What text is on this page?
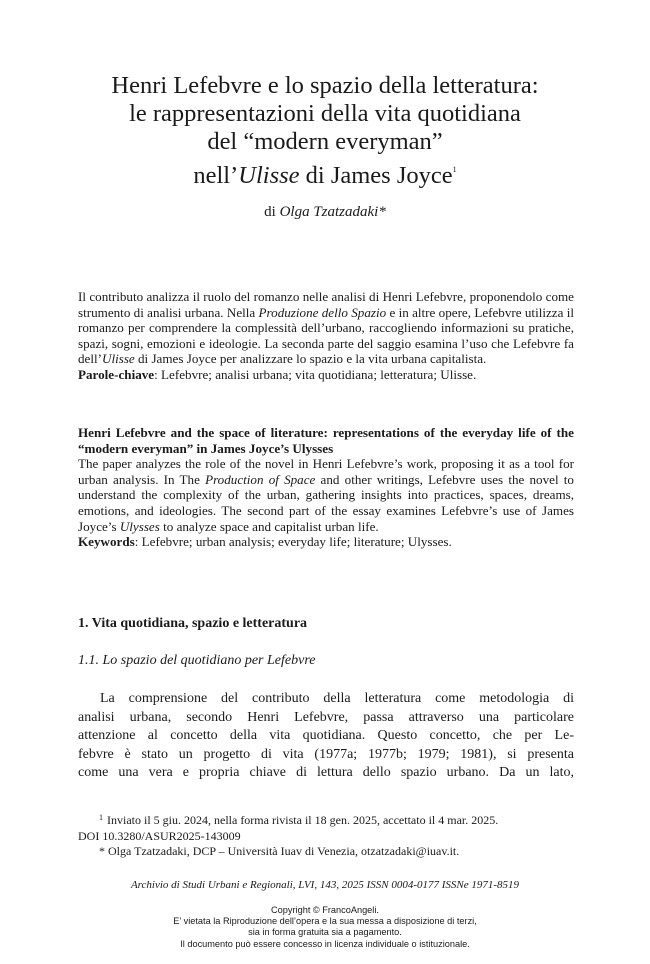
Henri Lefebvre e lo spazio della letteratura:
le rappresentazioni della vita quotidiana
del “modern everyman”
nell’Ulisse di James Joyce$^1$
di Olga Tzatzadaki*
Il contributo analizza il ruolo del romanzo nelle analisi di Henri Lefebvre, proponendolo come strumento di analisi urbana. Nella Produzione dello Spazio e in altre opere, Lefebvre utilizza il romanzo per comprendere la complessità dell’urbano, raccogliendo informazioni su pratiche, spazi, sogni, emozioni e ideologie. La seconda parte del saggio esamina l’uso che Lefebvre fa dell’Ulisse di James Joyce per analizzare lo spazio e la vita urbana capitalista.
Parole-chiave: Lefebvre; analisi urbana; vita quotidiana; letteratura; Ulisse.
Henri Lefebvre and the space of literature: representations of the everyday life of the “modern everyman” in James Joyce’s Ulysses
The paper analyzes the role of the novel in Henri Lefebvre’s work, proposing it as a tool for urban analysis. In The Production of Space and other writings, Lefebvre uses the novel to understand the complexity of the urban, gathering insights into practices, spaces, dreams, emotions, and ideologies. The second part of the essay examines Lefebvre’s use of James Joyce’s Ulysses to analyze space and capitalist urban life.
Keywords: Lefebvre; urban analysis; everyday life; literature; Ulysses.
1. Vita quotidiana, spazio e letteratura
1.1. Lo spazio del quotidiano per Lefebvre
La comprensione del contributo della letteratura come metodologia di
analisi urbana, secondo Henri Lefebvre, passa attraverso una particolare
attenzione al concetto della vita quotidiana. Questo concetto, che per Le-
febvre è stato un progetto di vita (1977a; 1977b; 1979; 1981), si presenta
come una vera e propria chiave di lettura dello spazio urbano. Da un lato,
$^1$ Inviato il 5 giu. 2024, nella forma rivista il 18 gen. 2025, accettato il 4 mar. 2025.
DOI 10.3280/ASUR2025-143009
* Olga Tzatzadaki, DCP – Università Iuav di Venezia, otzatzadaki@iuav.it.
Archivio di Studi Urbani e Regionali, LVI, 143, 2025 ISSN 0004-0177 ISSNe 1971-8519
Copyright © FrancoAngeli.
E’ vietata la Riproduzione dell’opera e la sua messa a disposizione di terzi,
sia in forma gratuita sia a pagamento.
Il documento può essere concesso in licenza individuale o istituzionale.
